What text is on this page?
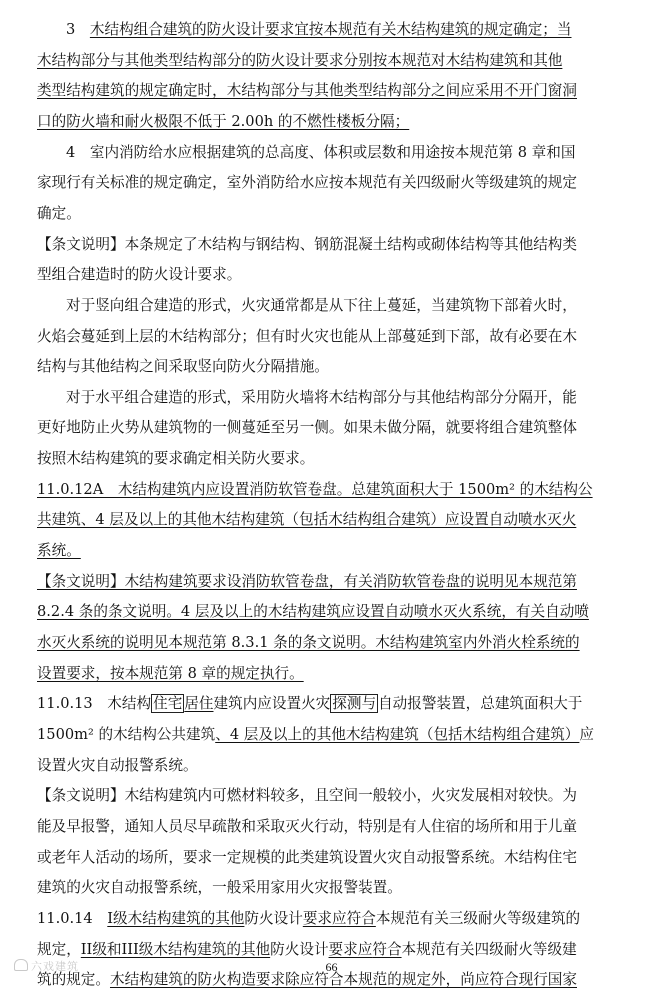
3　木结构组合建筑的防火设计要求宜按本规范有关木结构建筑的规定确定；当
木结构部分与其他类型结构部分的防火设计要求分别按本规范对木结构建筑和其他
类型结构建筑的规定确定时，木结构部分与其他类型结构部分之间应采用不开门窗洞
口的防火墙和耐火极限不低于 2.00h 的不燃性楼板分隔；
4　室内消防给水应根据建筑的总高度、体积或层数和用途按本规范第 8 章和国
家现行有关标准的规定确定，室外消防给水应按本规范有关四级耐火等级建筑的规定
确定。
【条文说明】本条规定了木结构与钢结构、钢筋混凝土结构或砌体结构等其他结构类
型组合建造时的防火设计要求。
对于竖向组合建造的形式，火灾通常都是从下往上蔓延，当建筑物下部着火时，
火焰会蔓延到上层的木结构部分；但有时火灾也能从上部蔓延到下部，故有必要在木
结构与其他结构之间采取竖向防火分隔措施。
对于水平组合建造的形式，采用防火墙将木结构部分与其他结构部分分隔开，能
更好地防止火势从建筑物的一侧蔓延至另一侧。如果未做分隔，就要将组合建筑整体
按照木结构建筑的要求确定相关防火要求。
11.0.12A　木结构建筑内应设置消防软管卷盘。总建筑面积大于 1500m² 的木结构公
共建筑、4 层及以上的其他木结构建筑（包括木结构组合建筑）应设置自动喷水灭火
系统。
【条文说明】木结构建筑要求设消防软管卷盘，有关消防软管卷盘的说明见本规范第
8.2.4 条的条文说明。4 层及以上的木结构建筑应设置自动喷水灭火系统，有关自动喷
水灭火系统的说明见本规范第 8.3.1 条的条文说明。木结构建筑室内外消火栓系统的
设置要求，按本规范第 8 章的规定执行。
11.0.13　木结构 住宅 居住建筑内应设置火灾 探测与 自动报警装置，总建筑面积大于
1500m² 的木结构公共建筑、4 层及以上的其他木结构建筑（包括木结构组合建筑）应
设置火灾自动报警系统。
【条文说明】木结构建筑内可燃材料较多，且空间一般较小，火灾发展相对较快。为
能及早报警，通知人员尽早疏散和采取灭火行动，特别是有人住宿的场所和用于儿童
或老年人活动的场所，要求一定规模的此类建筑设置火灾自动报警系统。木结构住宅
建筑的火灾自动报警系统，一般采用家用火灾报警装置。
11.0.14　I级木结构建筑的其他防火设计要求应符合本规范有关三级耐火等级建筑的
规定，II级和III级木结构建筑的其他防火设计要求应符合本规范有关四级耐火等级建
筑的规定。木结构建筑的防火构造要求除应符合本规范的规定外，尚应符合现行国家
66
六戏建筑
